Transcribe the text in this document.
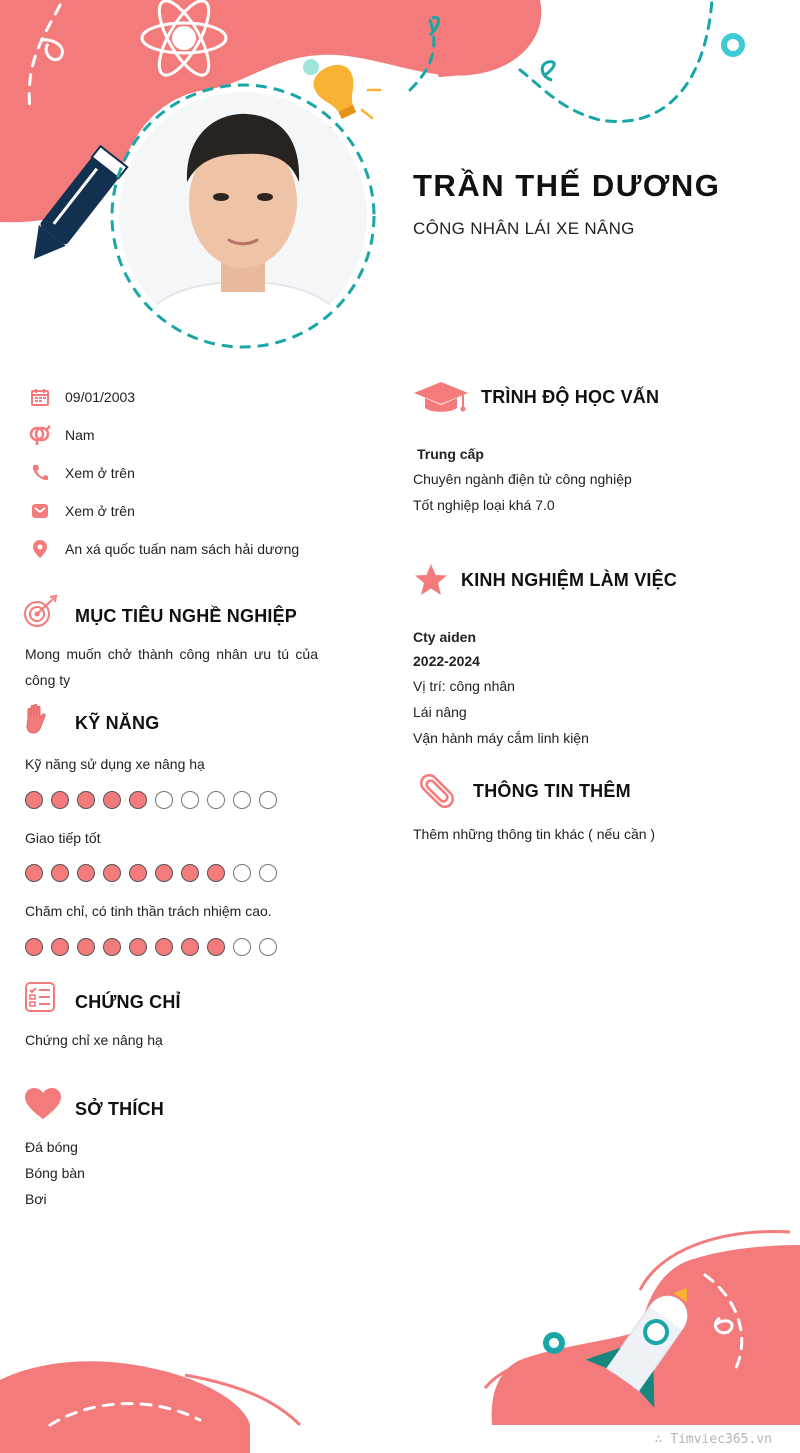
TRẦN THẾ DƯƠNG
CÔNG NHÂN LÁI XE NÂNG
09/01/2003
Nam
Xem ở trên
Xem ở trên
An xá quốc tuấn nam sách hải dương
MỤC TIÊU NGHỀ NGHIỆP
Mong muốn chở thành công nhân ưu tú của
công ty
KỸ NĂNG
Kỹ năng sử dụng xe nâng hạ
Giao tiếp tốt
Chăm chỉ, có tinh thần trách nhiệm cao.
CHỨNG CHỈ
Chứng chỉ xe nâng hạ
SỞ THÍCH
Đá bóng
Bóng bàn
Bơi
TRÌNH ĐỘ HỌC VẤN
Trung cấp
Chuyên ngành điện tử công nghiệp
Tốt nghiệp loại khá 7.0
KINH NGHIỆM LÀM VIỆC
Cty aiden
2022-2024
Vị trí: công nhân
Lái nâng
Vận hành máy cắm linh kiện
THÔNG TIN THÊM
Thêm những thông tin khác ( nếu cần )
∴ Timviec365.vn
